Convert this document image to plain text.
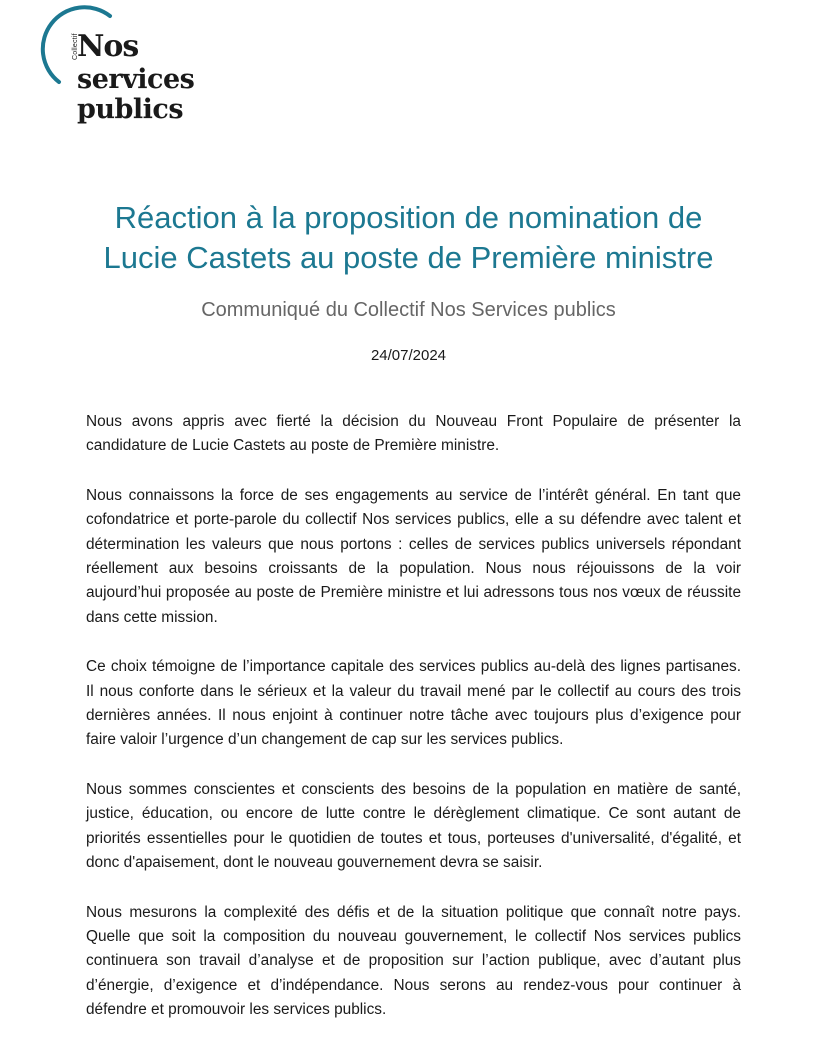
Collectif
Nos
services
publics
Réaction à la proposition de nomination de
Lucie Castets au poste de Première ministre
Communiqué du Collectif Nos Services publics
24/07/2024

Nous avons appris avec fierté la décision du Nouveau Front Populaire de présenter la candidature de Lucie Castets au poste de Première ministre.

Nous connaissons la force de ses engagements au service de l’intérêt général. En tant que cofondatrice et porte-parole du collectif Nos services publics, elle a su défendre avec talent et détermination les valeurs que nous portons : celles de services publics universels répondant réellement aux besoins croissants de la population. Nous nous réjouissons de la voir aujourd’hui proposée au poste de Première ministre et lui adressons tous nos vœux de réussite dans cette mission.

Ce choix témoigne de l’importance capitale des services publics au-delà des lignes partisanes. Il nous conforte dans le sérieux et la valeur du travail mené par le collectif au cours des trois dernières années. Il nous enjoint à continuer notre tâche avec toujours plus d’exigence pour faire valoir l’urgence d’un changement de cap sur les services publics.

Nous sommes conscientes et conscients des besoins de la population en matière de santé, justice, éducation, ou encore de lutte contre le dérèglement climatique. Ce sont autant de priorités essentielles pour le quotidien de toutes et tous, porteuses d'universalité, d'égalité, et donc d'apaisement, dont le nouveau gouvernement devra se saisir.

Nous mesurons la complexité des défis et de la situation politique que connaît notre pays. Quelle que soit la composition du nouveau gouvernement, le collectif Nos services publics continuera son travail d’analyse et de proposition sur l’action publique, avec d’autant plus d’énergie, d’exigence et d’indépendance. Nous serons au rendez-vous pour continuer à défendre et promouvoir les services publics.
